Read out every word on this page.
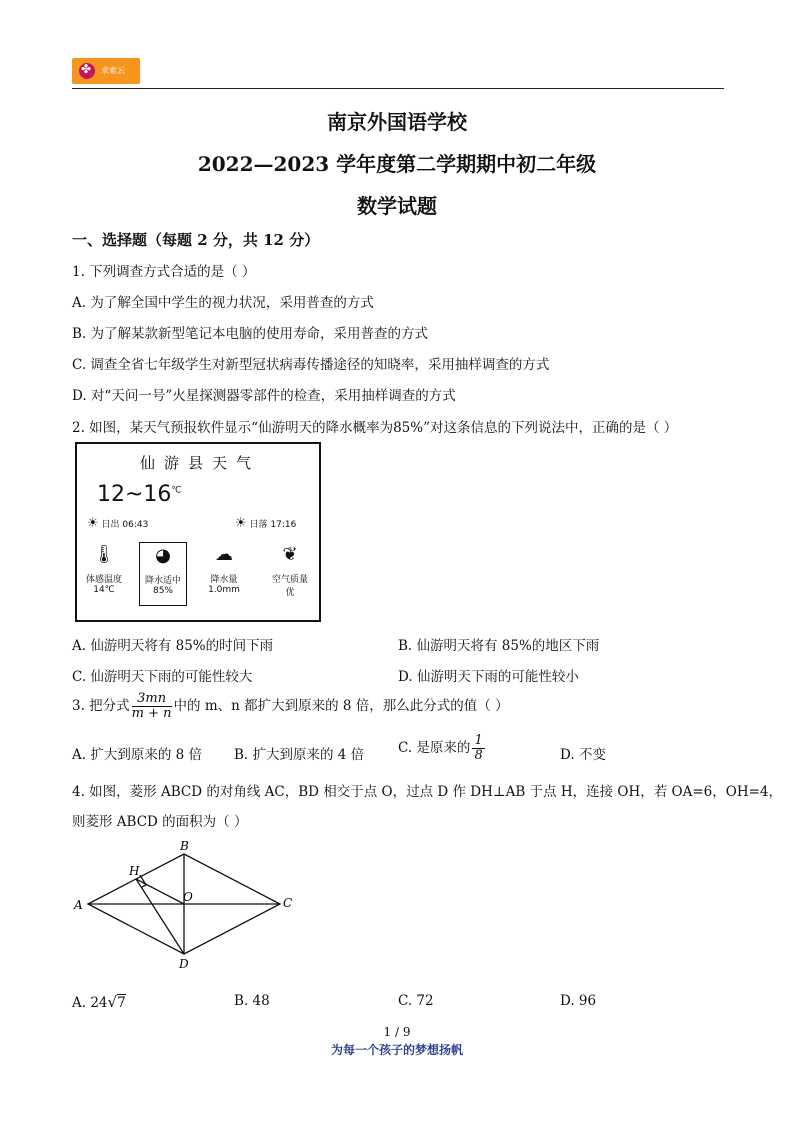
✤
求索云
南京外国语学校
2022—2023 学年度第二学期期中初二年级
数学试题
一、选择题（每题 2 分，共 12 分）
1. 下列调查方式合适的是（ ）
A. 为了解全国中学生的视力状况，采用普查的方式
B. 为了解某款新型笔记本电脑的使用寿命，采用普查的方式
C. 调查全省七年级学生对新型冠状病毒传播途径的知晓率，采用抽样调查的方式
D. 对“天问一号”火星探测器零部件的检查，采用抽样调查的方式
2. 如图，某天气预报软件显示“仙游明天的降水概率为85%”对这条信息的下列说法中，正确的是（ ）
仙游县天气
12~16℃
☀ 日出 06:43	☀ 日落 17:16
🌡︎
体感温度
14℃
◕
降水适中
85%
☁
降水量
1.0mm
❦
空气质量
优
A. 仙游明天将有 85%的时间下雨	B. 仙游明天将有 85%的地区下雨
C. 仙游明天下雨的可能性较大	D. 仙游明天下雨的可能性较小
3. 把分式 $\frac{3mn}{m + n}$ 中的 m、n 都扩大到原来的 8 倍，那么此分式的值（ ）
A. 扩大到原来的 8 倍 B. 扩大到原来的 4 倍	C. 是原来的 $\frac{1}{8}$	D. 不变
4. 如图，菱形 ABCD 的对角线 AC，BD 相交于点 O，过点 D 作 DH⊥AB 于点 H，连接 OH，若 OA=6，OH=4，
则菱形 ABCD 的面积为（ ）
A
B
C
D
H
O
A. 24√7	B. 48	C. 72	D. 96
1 / 9
为每一个孩子的梦想扬帆
